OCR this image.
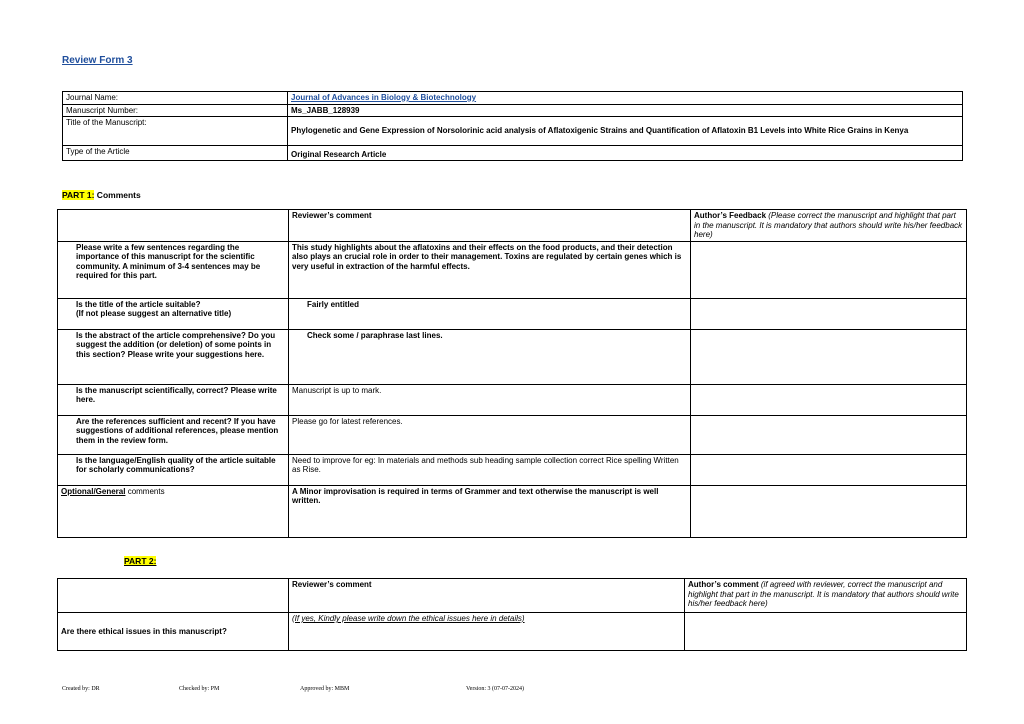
Review Form 3
Journal Name:	Journal of Advances in Biology & Biotechnology
Manuscript Number:	Ms_JABB_128939
Title of the Manuscript:	Phylogenetic and Gene Expression of Norsolorinic acid analysis of Aflatoxigenic Strains and Quantification of Aflatoxin B1 Levels into White Rice Grains in Kenya
Type of the Article	Original Research Article
PART 1: Comments
	Reviewer’s comment	Author’s Feedback (Please correct the manuscript and highlight that part in the manuscript. It is mandatory that authors should write his/her feedback here)
Please write a few sentences regarding the importance of this manuscript for the scientific community. A minimum of 3-4 sentences may be required for this part.	This study highlights about the aflatoxins and their effects on the food products, and their detection also plays an crucial role in order to their management. Toxins are regulated by certain genes which is very useful in extraction of the harmful effects.	
Is the title of the article suitable?
(If not please suggest an alternative title)	Fairly entitled	
Is the abstract of the article comprehensive? Do you suggest the addition (or deletion) of some points in this section? Please write your suggestions here.	Check some / paraphrase last lines.	
Is the manuscript scientifically, correct? Please write here.	Manuscript is up to mark.	
Are the references sufficient and recent? If you have suggestions of additional references, please mention them in the review form.	Please go for latest references.	
Is the language/English quality of the article suitable for scholarly communications?	Need to improve for eg: In materials and methods sub heading sample collection correct Rice spelling Written as Rise.	
Optional/General comments	A Minor improvisation is required in terms of Grammer and text otherwise the manuscript is well written.	
PART 2:
	Reviewer’s comment	Author’s comment (if agreed with reviewer, correct the manuscript and highlight that part in the manuscript. It is mandatory that authors should write his/her feedback here)
Are there ethical issues in this manuscript?	(If yes, Kindly please write down the ethical issues here in details)	
Created by: DR	Checked by: PM	Approved by: MBM	Version: 3 (07-07-2024)
